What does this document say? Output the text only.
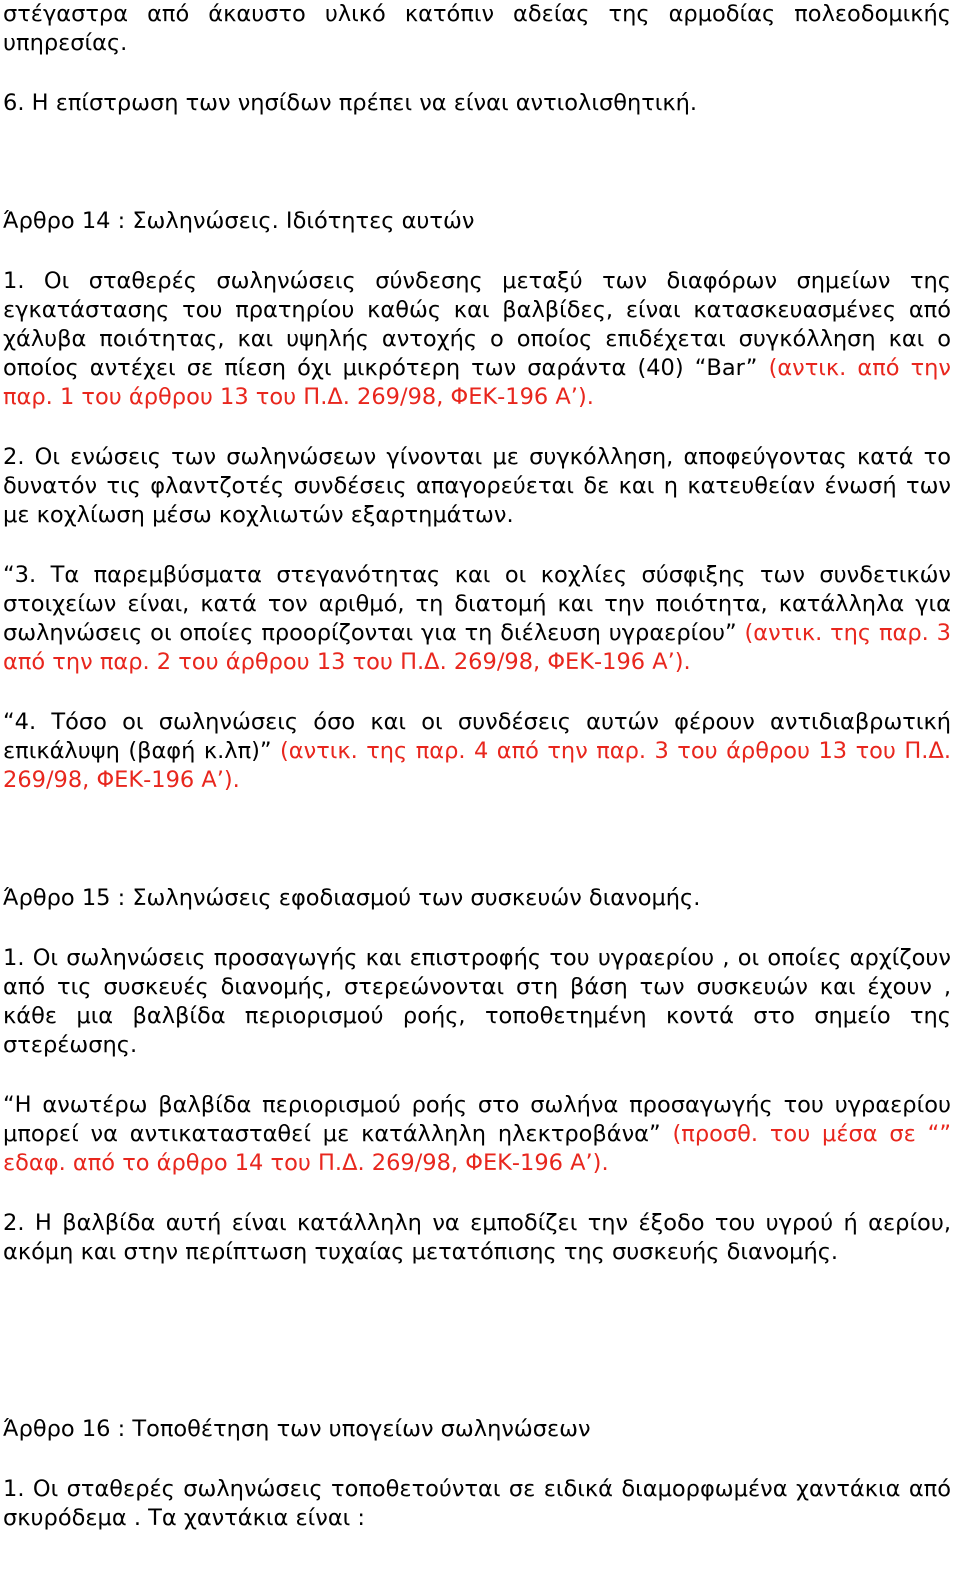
στέγαστρα από άκαυστο υλικό κατόπιν αδείας της αρμοδίας πολεοδομικής υπηρεσίας.

6. Η επίστρωση των νησίδων πρέπει να είναι αντιολισθητική.

Άρθρο 14 : Σωληνώσεις. Ιδιότητες αυτών

1. Οι σταθερές σωληνώσεις σύνδεσης μεταξύ των διαφόρων σημείων της εγκατάστασης του πρατηρίου καθώς και βαλβίδες, είναι κατασκευασμένες από χάλυβα ποιότητας, και υψηλής αντοχής ο οποίος επιδέχεται συγκόλληση και ο οποίος αντέχει σε πίεση όχι μικρότερη των σαράντα (40) “Bar” (αντικ. από την παρ. 1 του άρθρου 13 του Π.Δ. 269/98, ΦΕΚ-196 Α’).

2. Οι ενώσεις των σωληνώσεων γίνονται με συγκόλληση, αποφεύγοντας κατά το δυνατόν τις φλαντζοτές συνδέσεις απαγορεύεται δε και η κατευθείαν ένωσή των με κοχλίωση μέσω κοχλιωτών εξαρτημάτων.

“3. Τα παρεμβύσματα στεγανότητας και οι κοχλίες σύσφιξης των συνδετικών στοιχείων είναι, κατά τον αριθμό, τη διατομή και την ποιότητα, κατάλληλα για σωληνώσεις οι οποίες προορίζονται για τη διέλευση υγραερίου” (αντικ. της παρ. 3 από την παρ. 2 του άρθρου 13 του Π.Δ. 269/98, ΦΕΚ-196 Α’).

“4. Τόσο οι σωληνώσεις όσο και οι συνδέσεις αυτών φέρουν αντιδιαβρωτική επικάλυψη (βαφή κ.λπ)” (αντικ. της παρ. 4 από την παρ. 3 του άρθρου 13 του Π.Δ. 269/98, ΦΕΚ-196 Α’).

Άρθρο 15 : Σωληνώσεις εφοδιασμού των συσκευών διανομής.

1. Οι σωληνώσεις προσαγωγής και επιστροφής του υγραερίου , οι οποίες αρχίζουν από τις συσκευές διανομής, στερεώνονται στη βάση των συσκευών και έχουν , κάθε μια βαλβίδα περιορισμού ροής, τοποθετημένη κοντά στο σημείο της στερέωσης.

“Η ανωτέρω βαλβίδα περιορισμού ροής στο σωλήνα προσαγωγής του υγραερίου μπορεί να αντικατασταθεί με κατάλληλη ηλεκτροβάνα” (προσθ. του μέσα σε “” εδαφ. από το άρθρο 14 του Π.Δ. 269/98, ΦΕΚ-196 Α’).

2. Η βαλβίδα αυτή είναι κατάλληλη να εμποδίζει την έξοδο του υγρού ή αερίου, ακόμη και στην περίπτωση τυχαίας μετατόπισης της συσκευής διανομής.

Άρθρο 16 : Τοποθέτηση των υπογείων σωληνώσεων

1. Οι σταθερές σωληνώσεις τοποθετούνται σε ειδικά διαμορφωμένα χαντάκια από σκυρόδεμα . Τα χαντάκια είναι :
